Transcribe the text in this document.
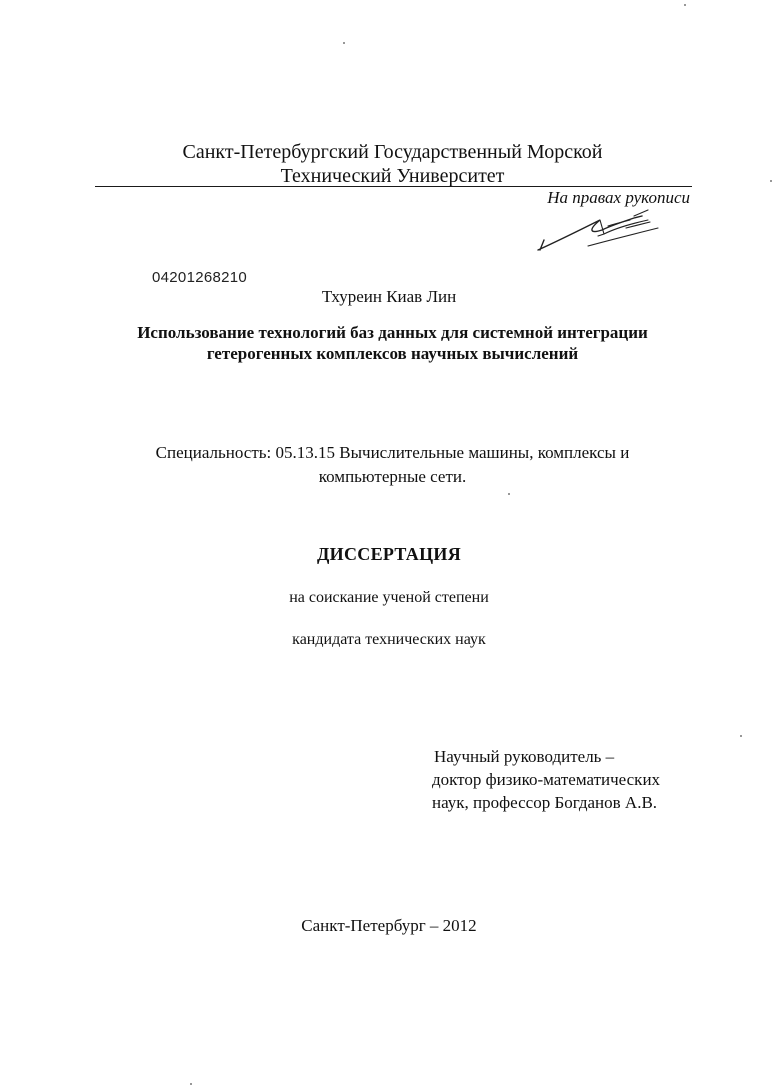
Санкт-Петербургский Государственный Морской
Технический Университет
На правах рукописи
04201268210
Тхуреин Киав Лин
Использование технологий баз данных для системной интеграции
гетерогенных комплексов научных вычислений
Специальность: 05.13.15 Вычислительные машины, комплексы и
компьютерные сети.
ДИССЕРТАЦИЯ
на соискание ученой степени
кандидата технических наук
Научный руководитель –
доктор физико-математических
наук, профессор Богданов А.В.
Санкт-Петербург – 2012
